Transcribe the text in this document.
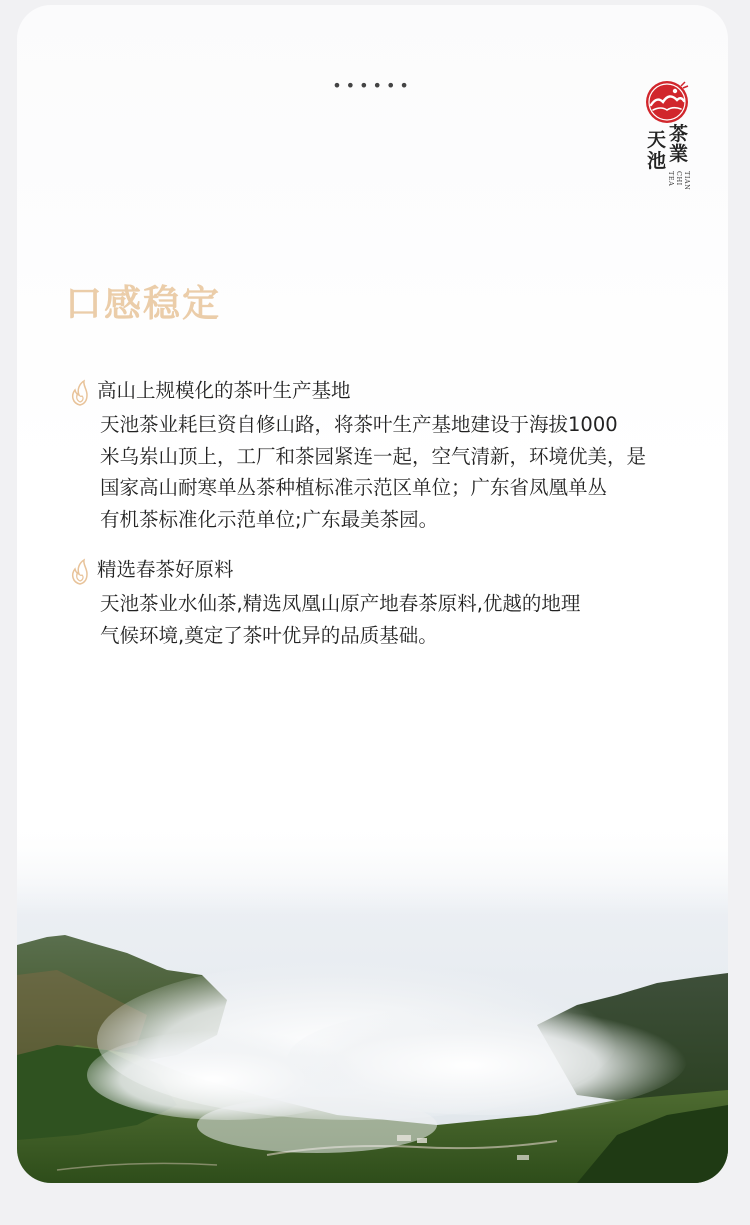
••••••
天 茶
池 業
TIAN CHI
TEA
口感稳定
高山上规模化的茶叶生产基地
天池茶业耗巨资自修山路，将茶叶生产基地建设于海拔1000
米乌岽山顶上，工厂和茶园紧连一起，空气清新，环境优美，是
国家高山耐寒单丛茶种植标准示范区单位；广东省凤凰单丛
有机茶标准化示范单位;广东最美茶园。
精选春茶好原料
天池茶业水仙茶,精选凤凰山原产地春茶原料,优越的地理
气候环境,奠定了茶叶优异的品质基础。
